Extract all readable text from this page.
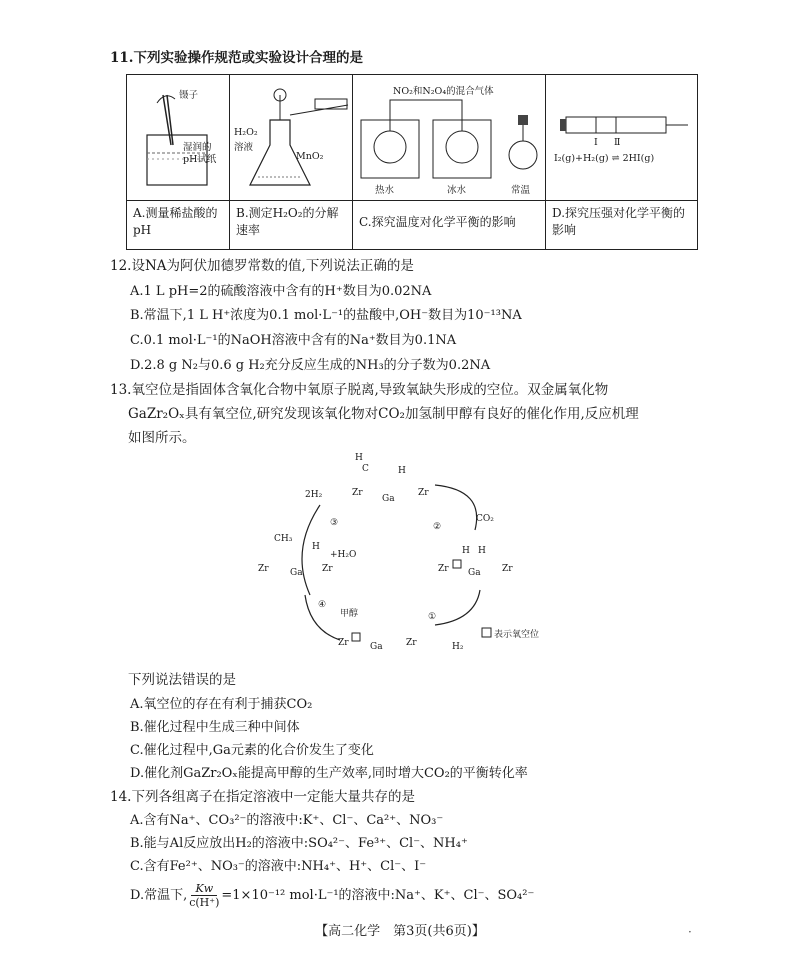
11.下列实验操作规范或实验设计合理的是
镊子
湿润的
pH试纸	H₂O₂
溶液
MnO₂	NO₂和N₂O₄的混合气体
热水 冰水 常温	Ⅰ Ⅱ
I₂(g)+H₂(g) ⇌ 2HI(g)

A.测量稀盐酸的pH	B.测定H₂O₂的分解速率	C.探究温度对化学平衡的影响	D.探究压强对化学平衡的影响
12.设NA为阿伏加德罗常数的值,下列说法正确的是
A.1 L pH=2的硫酸溶液中含有的H⁺数目为0.02NA
B.常温下,1 L H⁺浓度为0.1 mol·L⁻¹的盐酸中,OH⁻数目为10⁻¹³NA
C.0.1 mol·L⁻¹的NaOH溶液中含有的Na⁺数目为0.1NA
D.2.8 g N₂与0.6 g H₂充分反应生成的NH₃的分子数为0.2NA
13.氧空位是指固体含氧化合物中氧原子脱离,导致氧缺失形成的空位。双金属氧化物
GaZr₂Oₓ具有氧空位,研究发现该氧化物对CO₂加氢制甲醇有良好的催化作用,反应机理
如图所示。
H
C	H
Zr
Ga
Zr
CH₃
H
+H₂O
Zr Ga Zr
H H
Zr Ga Zr
Zr Ga	Zr
2H₂
③	CO₂
②
④
甲醇	①
H₂
表示氧空位
下列说法错误的是
A.氧空位的存在有利于捕获CO₂
B.催化过程中生成三种中间体
C.催化过程中,Ga元素的化合价发生了变化
D.催化剂GaZr₂Oₓ能提高甲醇的生产效率,同时增大CO₂的平衡转化率
14.下列各组离子在指定溶液中一定能大量共存的是
A.含有Na⁺、CO₃²⁻的溶液中:K⁺、Cl⁻、Ca²⁺、NO₃⁻
B.能与Al反应放出H₂的溶液中:SO₄²⁻、Fe³⁺、Cl⁻、NH₄⁺
C.含有Fe²⁺、NO₃⁻的溶液中:NH₄⁺、H⁺、Cl⁻、I⁻
D.常温下, $\frac{Kw}{c(H^+)} =1\times 10^{-12}$ mol·L⁻¹的溶液中:Na⁺、K⁺、Cl⁻、SO₄²⁻
【高二化学　第3页(共6页)】	·
